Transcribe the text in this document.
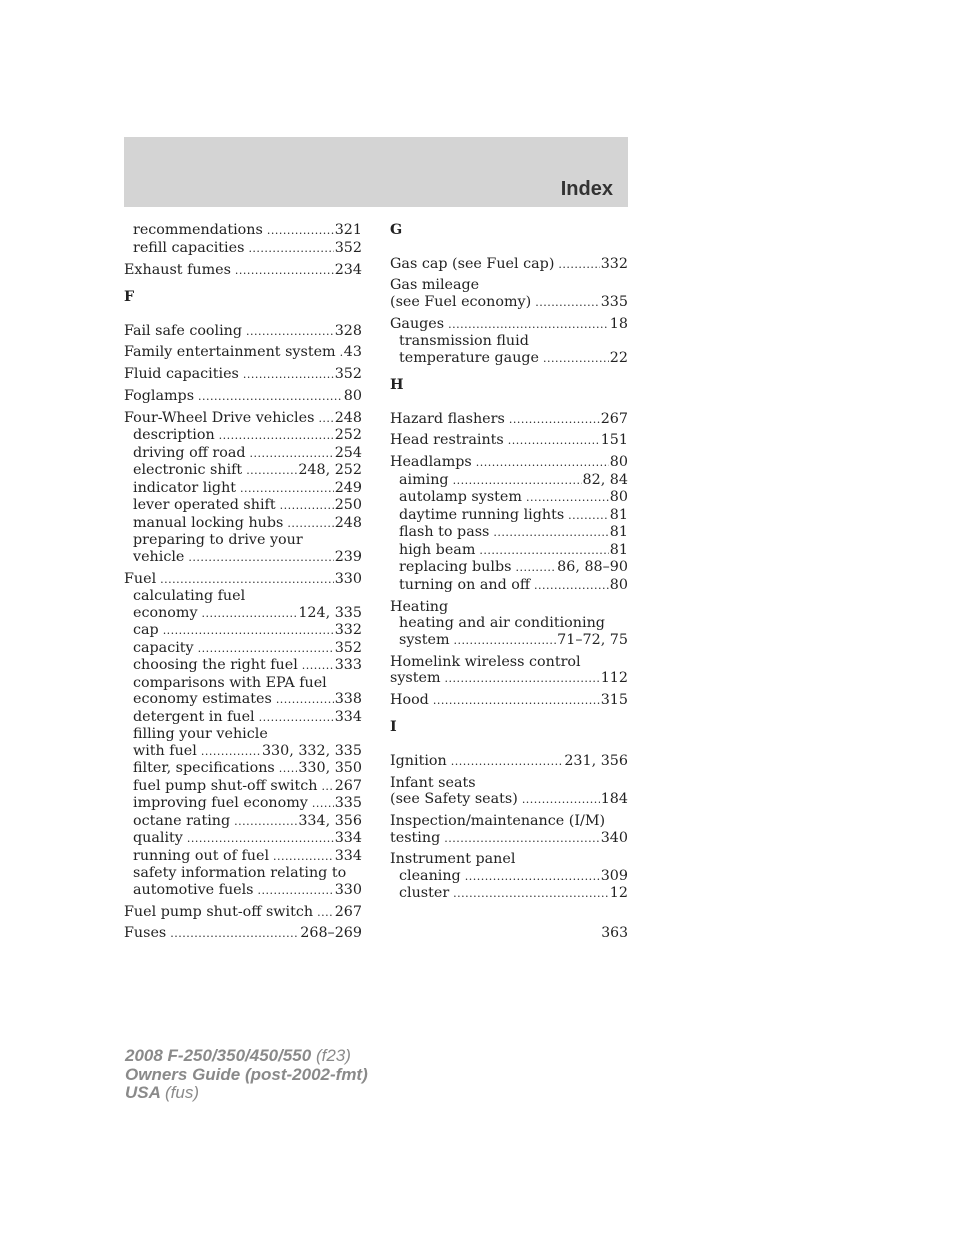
Index
recommendations .....	321
refill capacities .....	352
Exhaust fumes .....	234
F
Fail safe cooling .....	328
Family entertainment system ..... 43
Fluid capacities .....	352
Foglamps .....	80
Four-Wheel Drive vehicles ..... 248
description .....	252
driving off road .....	254
electronic shift .....	248, 252
indicator light .....	249
lever operated shift .....	250
manual locking hubs .....	248
preparing to drive your
vehicle .....	239
Fuel .....	330
calculating fuel
economy .....	124, 335
cap .....	332
capacity .....	352
choosing the right fuel .....	333
comparisons with EPA fuel
economy estimates .....	338
detergent in fuel .....	334
filling your vehicle
with fuel .....	330, 332, 335
filter, specifications ..... 330, 350
fuel pump shut-off switch ..... 267
improving fuel economy ..... 335
octane rating .....	334, 356
quality .....	334
running out of fuel .....	334
safety information relating to
automotive fuels .....	330
Fuel pump shut-off switch ..... 267
Fuses .....	268–269
G
Gas cap (see Fuel cap) .....	332
Gas mileage
(see Fuel economy) .....	335
Gauges .....	18
transmission fluid
temperature gauge .....	22
H
Hazard flashers .....	267
Head restraints .....	151
Headlamps .....	80
aiming .....	82, 84
autolamp system .....	80
daytime running lights .....	81
flash to pass .....	81
high beam .....	81
replacing bulbs .....	86, 88–90
turning on and off .....	80
Heating
heating and air conditioning
system .....	71–72, 75
Homelink wireless control
system .....	112
Hood .....	315
I
Ignition .....	231, 356
Infant seats
(see Safety seats) .....	184
Inspection/maintenance (I/M)
testing .....	340
Instrument panel
cleaning .....	309
cluster .....	12
363
2008 F-250/350/450/550 (f23)
Owners Guide (post-2002-fmt)
USA (fus)
